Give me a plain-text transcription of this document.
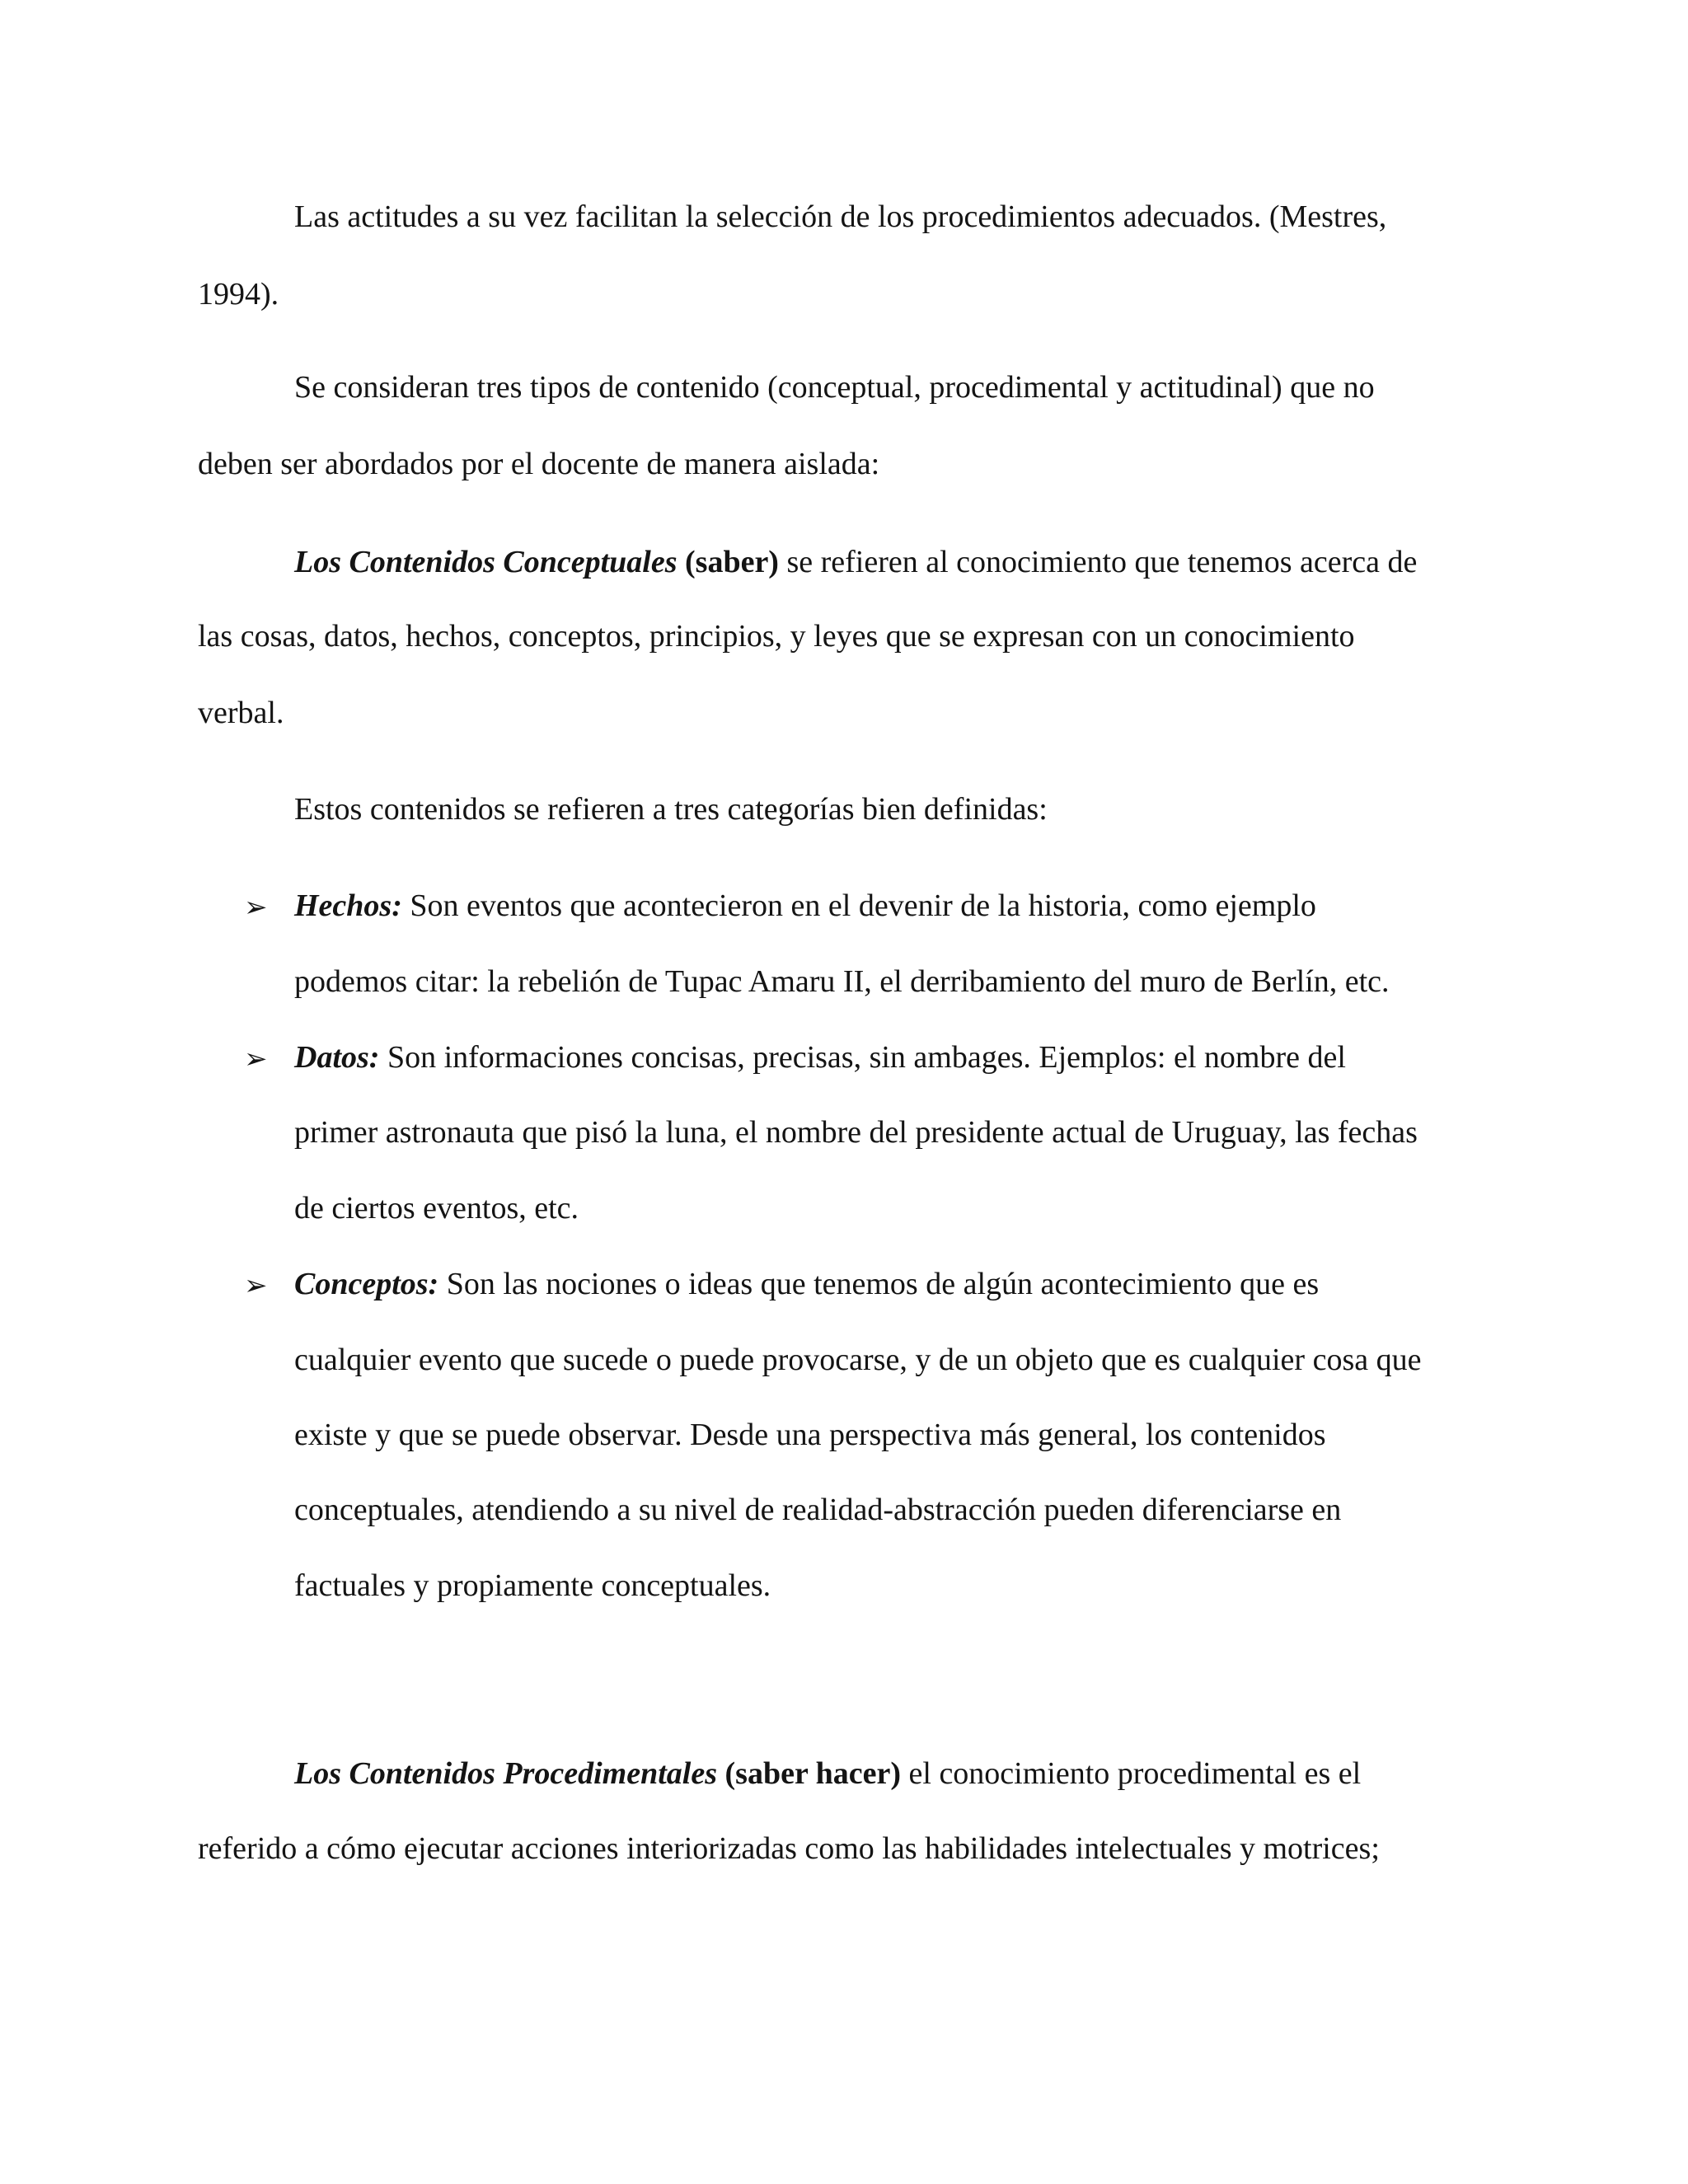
Las actitudes a su vez facilitan la selección de los procedimientos adecuados. (Mestres,
1994).
Se consideran tres tipos de contenido (conceptual, procedimental y actitudinal) que no
deben ser abordados por el docente de manera aislada:
Los Contenidos Conceptuales (saber) se refieren al conocimiento que tenemos acerca de
las cosas, datos, hechos, conceptos, principios, y leyes que se expresan con un conocimiento
verbal.
Estos contenidos se refieren a tres categorías bien definidas:
➢ Hechos: Son eventos que acontecieron en el devenir de la historia, como ejemplo
podemos citar: la rebelión de Tupac Amaru II, el derribamiento del muro de Berlín, etc.
➢ Datos: Son informaciones concisas, precisas, sin ambages. Ejemplos: el nombre del
primer astronauta que pisó la luna, el nombre del presidente actual de Uruguay, las fechas
de ciertos eventos, etc.
➢ Conceptos: Son las nociones o ideas que tenemos de algún acontecimiento que es
cualquier evento que sucede o puede provocarse, y de un objeto que es cualquier cosa que
existe y que se puede observar. Desde una perspectiva más general, los contenidos
conceptuales, atendiendo a su nivel de realidad-abstracción pueden diferenciarse en
factuales y propiamente conceptuales.
Los Contenidos Procedimentales (saber hacer) el conocimiento procedimental es el
referido a cómo ejecutar acciones interiorizadas como las habilidades intelectuales y motrices;
